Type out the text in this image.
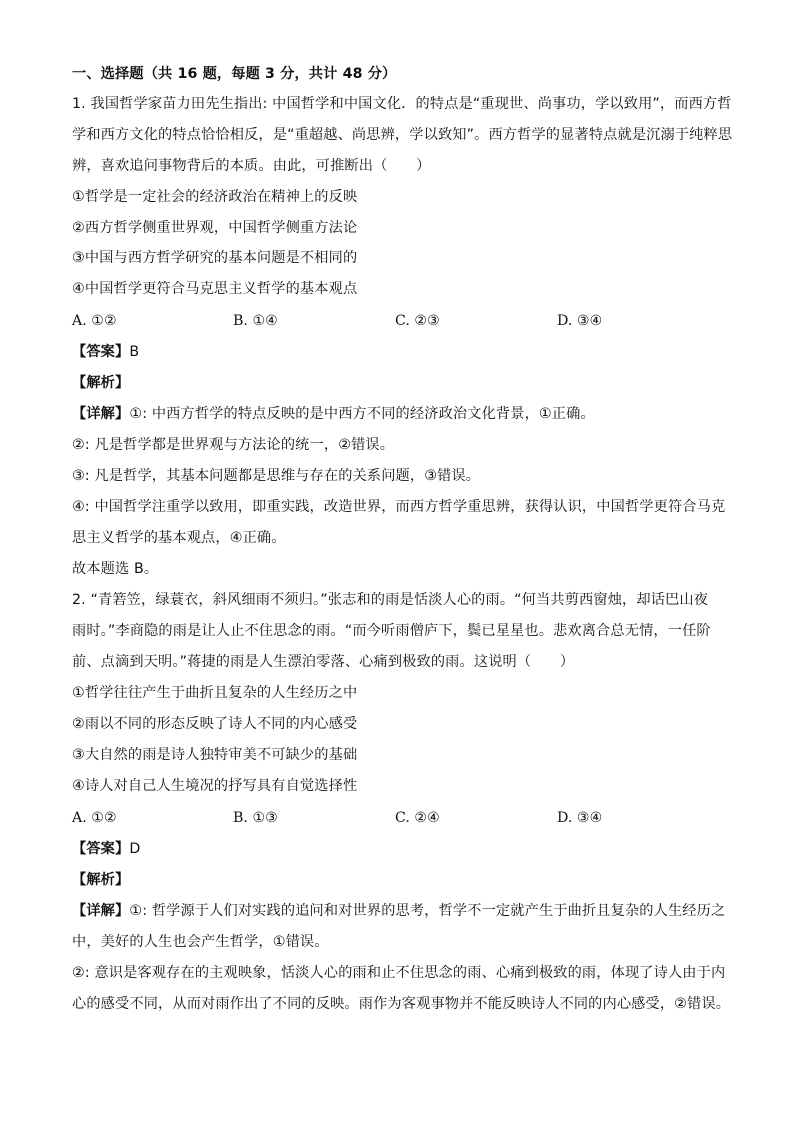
一、选择题（共 16 题，每题 3 分，共计 48 分）
1. 我国哲学家苗力田先生指出: 中国哲学和中国文化．的特点是“重现世、尚事功，学以致用”，而西方哲
学和西方文化的特点恰恰相反，是“重超越、尚思辨，学以致知”。西方哲学的显著特点就是沉溺于纯粹思
辨，喜欢追问事物背后的本质。由此，可推断出（　　）
①哲学是一定社会的经济政治在精神上的反映
②西方哲学侧重世界观，中国哲学侧重方法论
③中国与西方哲学研究的基本问题是不相同的
④中国哲学更符合马克思主义哲学的基本观点
A. ①②	B. ①④	C. ②③	D. ③④
【答案】B
【解析】
【详解】①: 中西方哲学的特点反映的是中西方不同的经济政治文化背景，①正确。
②: 凡是哲学都是世界观与方法论的统一，②错误。
③: 凡是哲学，其基本问题都是思维与存在的关系问题，③错误。
④: 中国哲学注重学以致用，即重实践，改造世界，而西方哲学重思辨，获得认识，中国哲学更符合马克
思主义哲学的基本观点，④正确。
故本题选 B。
2. “青箬笠，绿蓑衣，斜风细雨不须归。”张志和的雨是恬淡人心的雨。“何当共剪西窗烛，却话巴山夜
雨时。”李商隐的雨是让人止不住思念的雨。“而今听雨僧庐下，鬓已星星也。悲欢离合总无情，一任阶
前、点滴到天明。”蒋捷的雨是人生漂泊零落、心痛到极致的雨。这说明（　　）
①哲学往往产生于曲折且复杂的人生经历之中
②雨以不同的形态反映了诗人不同的内心感受
③大自然的雨是诗人独特审美不可缺少的基础
④诗人对自己人生境况的抒写具有自觉选择性
A. ①②	B. ①③	C. ②④	D. ③④
【答案】D
【解析】
【详解】①: 哲学源于人们对实践的追问和对世界的思考，哲学不一定就产生于曲折且复杂的人生经历之
中，美好的人生也会产生哲学，①错误。
②: 意识是客观存在的主观映象，恬淡人心的雨和止不住思念的雨、心痛到极致的雨，体现了诗人由于内
心的感受不同，从而对雨作出了不同的反映。雨作为客观事物并不能反映诗人不同的内心感受，②错误。
